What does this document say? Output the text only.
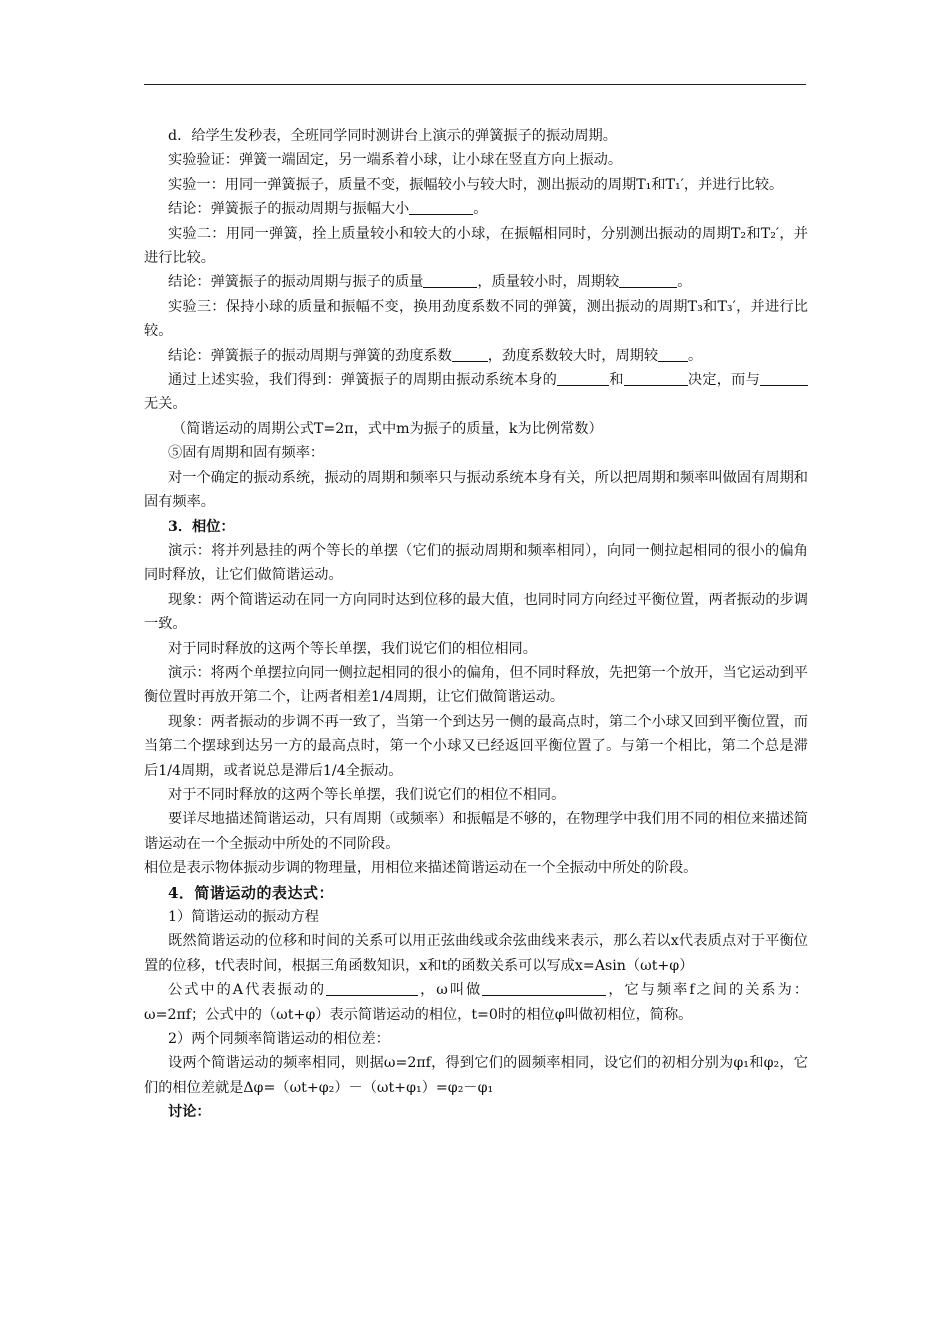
d．给学生发秒表，全班同学同时测讲台上演示的弹簧振子的振动周期。

实验验证：弹簧一端固定，另一端系着小球，让小球在竖直方向上振动。

实验一：用同一弹簧振子，质量不变，振幅较小与较大时，测出振动的周期T₁和T₁′，并进行比较。

结论：弹簧振子的振动周期与振幅大小	。

实验二：用同一弹簧，拴上质量较小和较大的小球，在振幅相同时，分别测出振动的周期T₂和T₂′，并进行比较。

结论：弹簧振子的振动周期与振子的质量	，质量较小时，周期较	。

实验三：保持小球的质量和振幅不变，换用劲度系数不同的弹簧，测出振动的周期T₃和T₃′，并进行比较。

结论：弹簧振子的振动周期与弹簧的劲度系数	，劲度系数较大时，周期较 。

通过上述实验，我们得到：弹簧振子的周期由振动系统本身的	和	决定，而与无关。

（简谐运动的周期公式T=2π，式中m为振子的质量，k为比例常数）

⑤固有周期和固有频率：

对一个确定的振动系统，振动的周期和频率只与振动系统本身有关，所以把周期和频率叫做固有周期和固有频率。

3．相位：

演示：将并列悬挂的两个等长的单摆（它们的振动周期和频率相同），向同一侧拉起相同的很小的偏角同时释放，让它们做简谐运动。

现象：两个简谐运动在同一方向同时达到位移的最大值，也同时同方向经过平衡位置，两者振动的步调一致。

对于同时释放的这两个等长单摆，我们说它们的相位相同。

演示：将两个单摆拉向同一侧拉起相同的很小的偏角，但不同时释放，先把第一个放开，当它运动到平衡位置时再放开第二个，让两者相差1/4周期，让它们做简谐运动。

现象：两者振动的步调不再一致了，当第一个到达另一侧的最高点时，第二个小球又回到平衡位置，而当第二个摆球到达另一方的最高点时，第一个小球又已经返回平衡位置了。与第一个相比，第二个总是滞后1/4周期，或者说总是滞后1/4全振动。

对于不同时释放的这两个等长单摆，我们说它们的相位不相同。

要详尽地描述简谐运动，只有周期（或频率）和振幅是不够的，在物理学中我们用不同的相位来描述简谐运动在一个全振动中所处的不同阶段。

相位是表示物体振动步调的物理量，用相位来描述简谐运动在一个全振动中所处的阶段。

4．简谐运动的表达式：

1）简谐运动的振动方程

既然简谐运动的位移和时间的关系可以用正弦曲线或余弦曲线来表示，那么若以x代表质点对于平衡位置的位移，t代表时间，根据三角函数知识，x和t的函数关系可以写成x=Asin（ωt+φ）

公式中的A代表振动的	，ω叫做	，它与频率f之间的关系为：ω=2πf；公式中的（ωt+φ）表示简谐运动的相位，t=0时的相位φ叫做初相位，简称。

2）两个同频率简谐运动的相位差：

设两个简谐运动的频率相同，则据ω=2πf，得到它们的圆频率相同，设它们的初相分别为φ₁和φ₂，它们的相位差就是Δφ=（ωt+φ₂）－（ωt+φ₁）=φ₂－φ₁

讨论：
